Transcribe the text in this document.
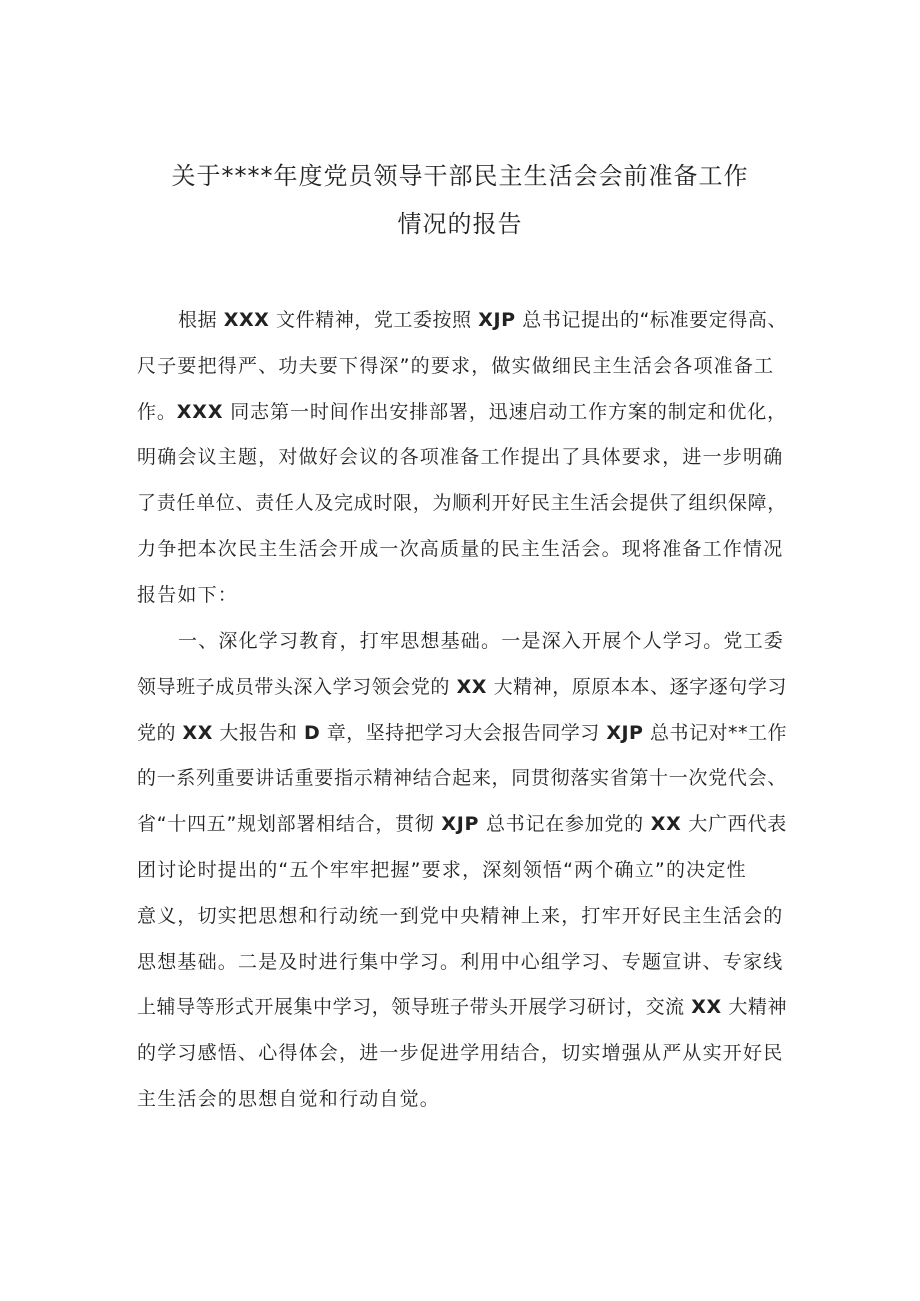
关于****年度党员领导干部民主生活会会前准备工作
情况的报告

根据 XXX 文件精神，党工委按照 XJP 总书记提出的“标准要定得高、

尺子要把得严、功夫要下得深”的要求，做实做细民主生活会各项准备工

作。XXX 同志第一时间作出安排部署，迅速启动工作方案的制定和优化，

明确会议主题，对做好会议的各项准备工作提出了具体要求，进一步明确

了责任单位、责任人及完成时限，为顺利开好民主生活会提供了组织保障，

力争把本次民主生活会开成一次高质量的民主生活会。现将准备工作情况

报告如下：

一、深化学习教育，打牢思想基础。一是深入开展个人学习。党工委

领导班子成员带头深入学习领会党的 XX 大精神，原原本本、逐字逐句学习

党的 XX 大报告和 D 章，坚持把学习大会报告同学习 XJP 总书记对**工作

的一系列重要讲话重要指示精神结合起来，同贯彻落实省第十一次党代会、

省“十四五”规划部署相结合，贯彻 XJP 总书记在参加党的 XX 大广西代表

团讨论时提出的“五个牢牢把握”要求，深刻领悟“两个确立”的决定性

意义，切实把思想和行动统一到党中央精神上来，打牢开好民主生活会的

思想基础。二是及时进行集中学习。利用中心组学习、专题宣讲、专家线

上辅导等形式开展集中学习，领导班子带头开展学习研讨，交流 XX 大精神

的学习感悟、心得体会，进一步促进学用结合，切实增强从严从实开好民

主生活会的思想自觉和行动自觉。
